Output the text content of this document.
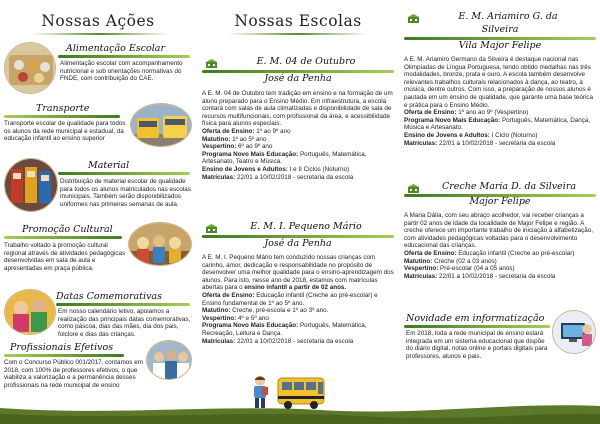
Nossas Ações
Alimentação Escolar
Alimentação escolar com acompanhamento nutricional e sob orientações normativas do FNDE, com contribuição do CAE.
Transporte
Transporte escolar de qualidade para todos os alunos da rede municipal e estadual, da educação infantil ao ensino superior
Material
Distribuição de material escolar de qualidade para todos os alunos matriculados nas escolas municipais. Também serão disponibilizados uniformes nas primeiras semanas de aula.
Promoção Cultural
Trabalho voltado à promoção cultural regional através de atividades pedagógicas desenvolvidas em sala de aula e apresentadas em praça pública.
Datas Comemorativas
Em nosso calendário letivo, apoiamos a realização das principais datas comemorativas, como páscoa, dias das mães, dia dos pais, folclore e dias das crianças.
Profissionais Efetivos
Com o Concurso Público 001/2017, contamos em 2018, com 100% de professores efetivos, o que viabiliza a valorização e a permanência desses profissionais na rede municipal de ensino
Nossas Escolas
E. M. 04 de Outubro
José da Penha
A E. M. 04 de Outubro tem tradição em ensino e na formação de um aluno preparado para o Ensino Médio. Em infraestrutura, a escola contará com salas de aula climatizadas e disponibilidade de sala de recursos multifuncionais, com profissional da área, e acessibilidade física para alunos especiais.
Oferta de Ensino: 1º ao 9º ano
Matutino: 1º ao 5º ano
Vespertino: 6º ao 9º ano
Programa Novo Mais Educação: Português, Matemática, Artesanato, Teatro e Música.
Ensino de Jovens e Adultos: I e II Ciclos (Noturno)
Matrículas: 22/01 a 10/02/2018 - secretaria da escola
E. M. I. Pequeno Mário
José da Penha
A E. M. I. Pequeno Mário tem conduzido nossas crianças com carinho, amor, dedicação e responsabilidade no propósito de desenvolver uma melhor qualidade para o ensino-aprendizagem dos alunos. Para isto, nesse ano de 2018, estamos com matrículas abertas para o ensino infantil a partir de 02 anos.
Oferta de Ensino: Educação infantil (Creche ao pré-escolar) e Ensino fundamental de 1º ao 5º ano.
Matutino: Creche, pré-escola e 1º ao 3º ano.
Vespertino: 4º e 5º ano
Programa Novo Mais Educação: Português, Matemática, Recreação, Leitura e Dança.
Matrículas: 22/01 a 10/02/2018 - secretaria da escola
E. M. Ariamiro G. da
Silveira
Vila Major Felipe
A E. M. Ariamiro Germano da Silveira é destaque nacional nas Olimpíadas de Língua Portuguesa, tendo obtido medalhas nas três modalidades, bronze, prata e ouro. A escola também desenvolve relevantes trabalhos culturais relacionados à dança, ao teatro, à música, dentre outros. Com isso, a preparação de nossos alunos é pautada em um ensino de qualidade, que garante uma base teórica e prática para o Ensino Médio.
Oferta de Ensino: 1º ano ao 9º (Vespertino)
Programa Novo Mais Educação: Português, Matemática, Dança, Música e Artesanato.
Ensino de Jovens e Adultos: I Ciclo (Noturno)
Matrículas: 22/01 a 10/02/2018 - secretaria da escola
Creche Maria D. da Silveira
Major Felipe
A Maria Dália, com seu abraço acolhedor, vai receber crianças a partir 02 anos de idade da localidade de Major Felipe e região. A creche oferece um importante trabalho de iniciação à alfabetização, com atividades pedagógicas voltadas para o desenvolvimento educacional das crianças.
Oferta de Ensino: Educação infantil (Creche ao pré-escolar)
Matutino: Creche (02 a 03 anos)
Vespertino: Pré-escolar (04 a 05 anos)
Matrículas: 22/01 a 10/02/2018 - secretaria da escola
Novidade em informatização
Em 2018, toda a rede municipal de ensino estará integrada em um sistema educacional que dispõe do diário digital, notas online e portais digitais para professores, alunos e pais.
